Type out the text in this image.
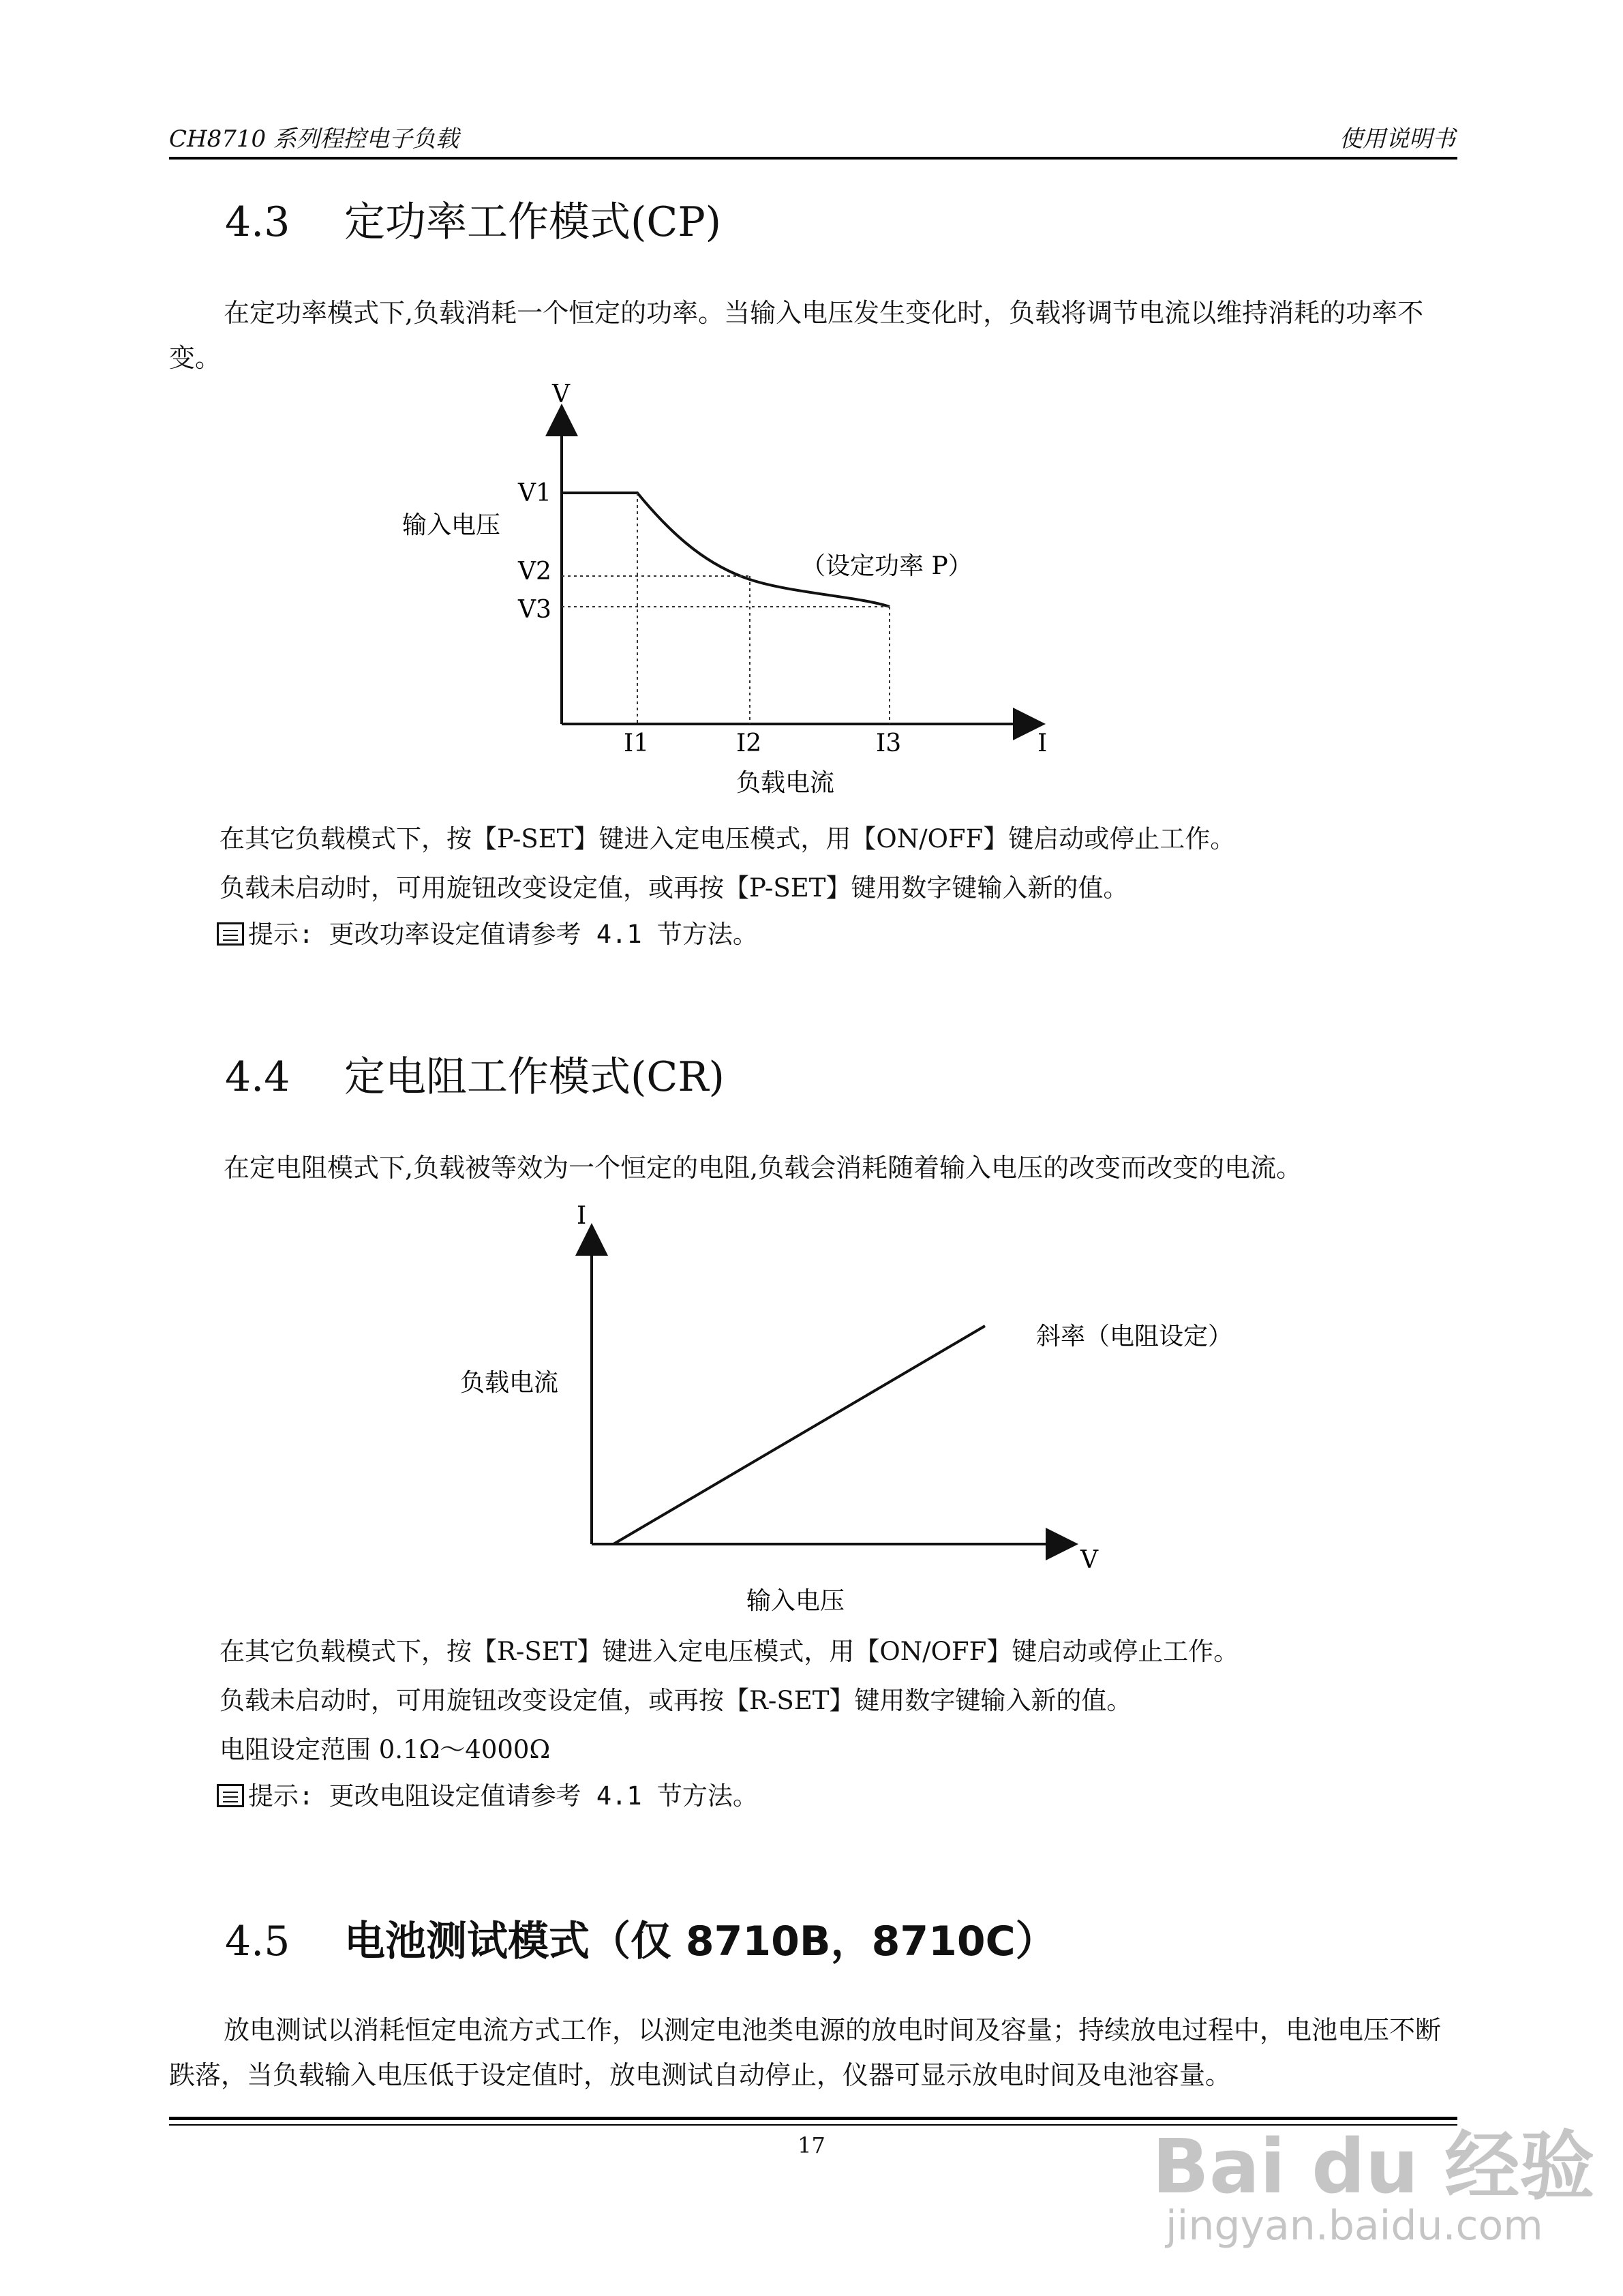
CH8710 系列程控电子负载	使用说明书
4.3 定功率工作模式(CP)
在定功率模式下,负载消耗一个恒定的功率。当输入电压发生变化时，负载将调节电流以维持消耗的功率不变。
V
V1
输入电压
V2
V3
（设定功率 P）
I1	I2	I3	I
负载电流
在其它负载模式下，按【P-SET】键进入定电压模式，用【ON/OFF】键启动或停止工作。
负载未启动时，可用旋钮改变设定值，或再按【P-SET】键用数字键输入新的值。
提示: 更改功率设定值请参考 4.1 节方法。
4.4 定电阻工作模式(CR)
在定电阻模式下,负载被等效为一个恒定的电阻,负载会消耗随着输入电压的改变而改变的电流。
I
斜率（电阻设定）
负载电流
V
输入电压
在其它负载模式下，按【R-SET】键进入定电压模式，用【ON/OFF】键启动或停止工作。
负载未启动时，可用旋钮改变设定值，或再按【R-SET】键用数字键输入新的值。
电阻设定范围 0.1Ω～4000Ω
提示: 更改电阻设定值请参考 4.1 节方法。
4.5 电池测试模式（仅 8710B，8710C）
放电测试以消耗恒定电流方式工作，以测定电池类电源的放电时间及容量；持续放电过程中，电池电压不断跌落，当负载输入电压低于设定值时，放电测试自动停止，仪器可显示放电时间及电池容量。
17	Bai du 经验
jingyan.baidu.com
